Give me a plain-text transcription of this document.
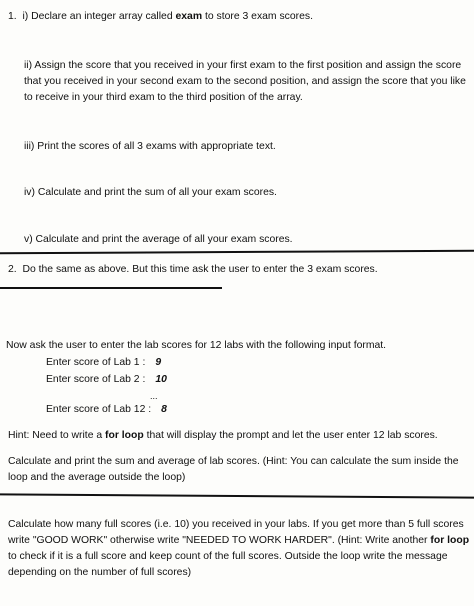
1. i) Declare an integer array called exam to store 3 exam scores.
ii) Assign the score that you received in your first exam to the first position and assign the score that you received in your second exam to the second position, and assign the score that you like to receive in your third exam to the third position of the array.
iii) Print the scores of all 3 exams with appropriate text.
iv) Calculate and print the sum of all your exam scores.
v) Calculate and print the average of all your exam scores.
2. Do the same as above. But this time ask the user to enter the 3 exam scores.
Now ask the user to enter the lab scores for 12 labs with the following input format.
Enter score of Lab 1 : 9
Enter score of Lab 2 : 10
...
Enter score of Lab 12 : 8
Hint: Need to write a for loop that will display the prompt and let the user enter 12 lab scores.
Calculate and print the sum and average of lab scores. (Hint: You can calculate the sum inside the loop and the average outside the loop)
Calculate how many full scores (i.e. 10) you received in your labs. If you get more than 5 full scores write "GOOD WORK" otherwise write "NEEDED TO WORK HARDER". (Hint: Write another for loop to check if it is a full score and keep count of the full scores. Outside the loop write the message depending on the number of full scores)
